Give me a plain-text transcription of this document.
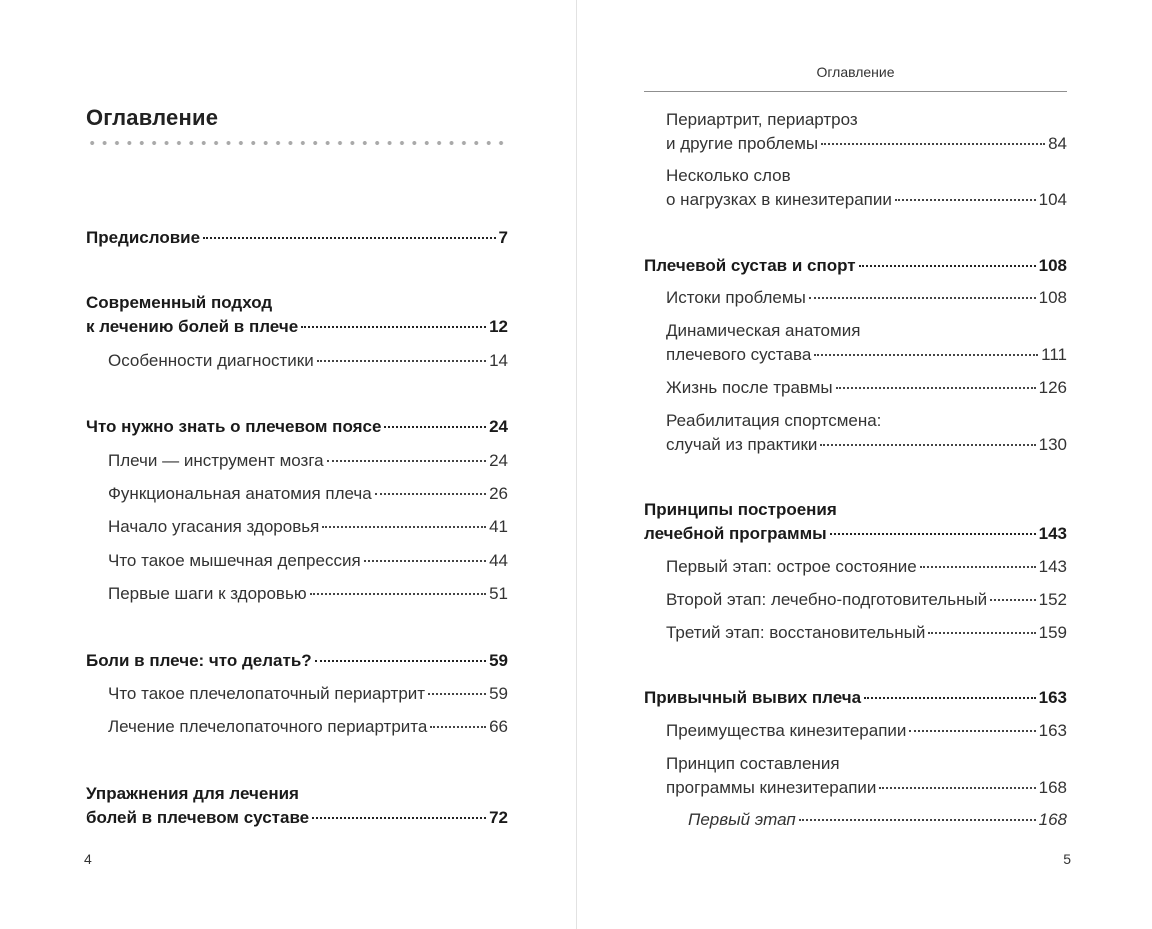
Оглавление
Предисловие	7
Современный подход
к лечению болей в плече	12
Особенности диагностики	14
Что нужно знать о плечевом поясе	24
Плечи — инструмент мозга	24
Функциональная анатомия плеча	26
Начало угасания здоровья	41
Что такое мышечная депрессия	44
Первые шаги к здоровью	51
Боли в плече: что делать?	59
Что такое плечелопаточный периартрит	59
Лечение плечелопаточного периартрита	66
Упражнения для лечения
болей в плечевом суставе	72
4
Оглавление
Периартрит, периартроз
и другие проблемы	84
Несколько слов
о нагрузках в кинезитерапии	104
Плечевой сустав и спорт	108
Истоки проблемы	108
Динамическая анатомия
плечевого сустава	111
Жизнь после травмы	126
Реабилитация спортсмена:
случай из практики	130
Принципы построения
лечебной программы	143
Первый этап: острое состояние	143
Второй этап: лечебно-подготовительный	152
Третий этап: восстановительный	159
Привычный вывих плеча	163
Преимущества кинезитерапии	163
Принцип составления
программы кинезитерапии	168
Первый этап	168
5
